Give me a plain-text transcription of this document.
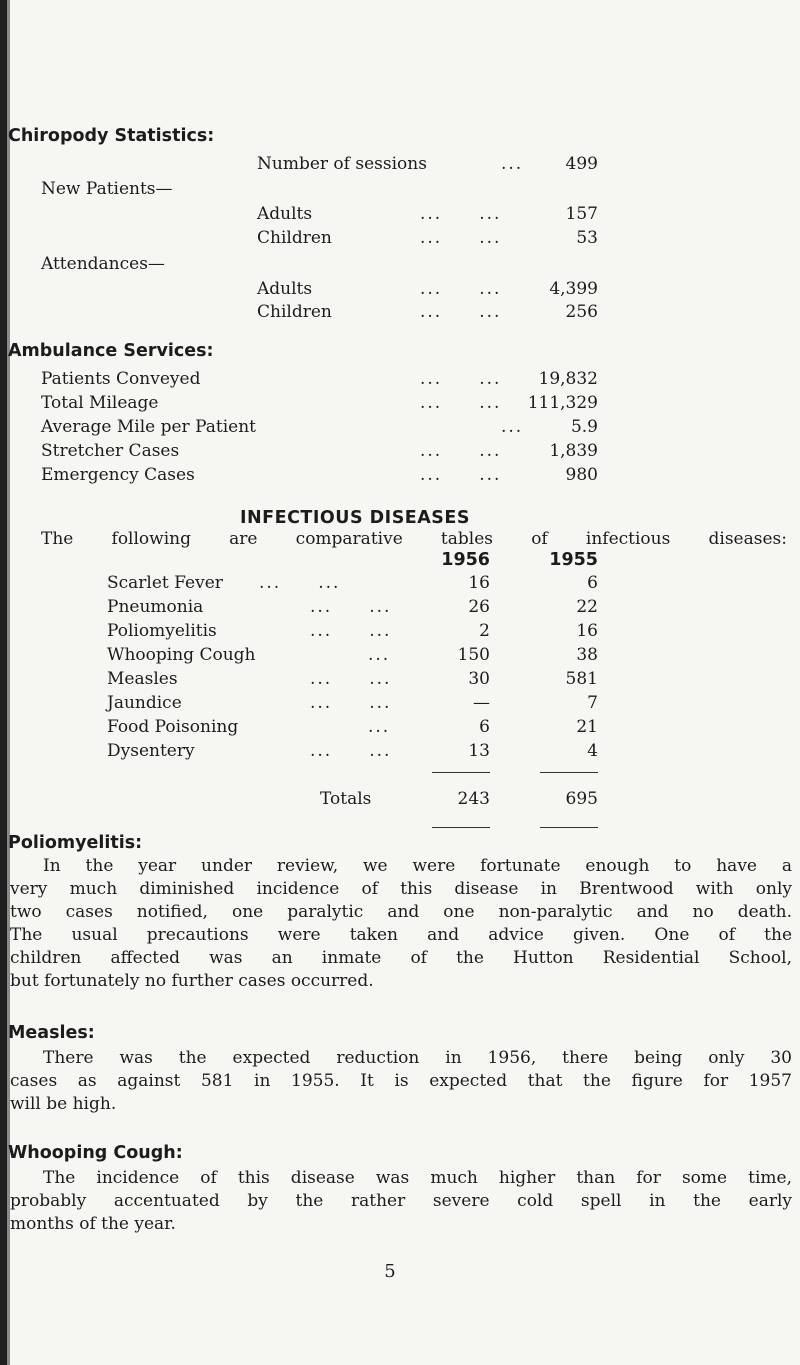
Chiropody Statistics:
Number of sessions	...	499
New Patients—
Adults	...     ...	157
Children	...     ...	53
Attendances—
Adults	...     ...	4,399
Children	...     ...	256
Ambulance Services:
Patients Conveyed	...     ...	19,832
Total Mileage	...     ...	111,329
Average Mile per Patient	...	5.9
Stretcher Cases	...     ...	1,839
Emergency Cases	...     ...	980
INFECTIOUS DISEASES
The following are comparative tables of infectious diseases:
1956	1955
Scarlet Fever ...     ...	16	6
Pneumonia	...     ...	26	22
Poliomyelitis	...     ...	2	16
Whooping Cough	...	150	38
Measles	...     ...	30	581
Jaundice	...     ...	—	7
Food Poisoning	...	6	21
Dysentery	...     ...	13	4
Totals	243	695
Poliomyelitis:
In the year under review, we were fortunate enough to have a
very much diminished incidence of this disease in Brentwood with only
two cases notified, one paralytic and one non-paralytic and no death.
The usual precautions were taken and advice given. One of the
children affected was an inmate of the Hutton Residential School,
but fortunately no further cases occurred.
Measles:
There was the expected reduction in 1956, there being only 30
cases as against 581 in 1955. It is expected that the figure for 1957
will be high.
Whooping Cough:
The incidence of this disease was much higher than for some time,
probably accentuated by the rather severe cold spell in the early
months of the year.
5
